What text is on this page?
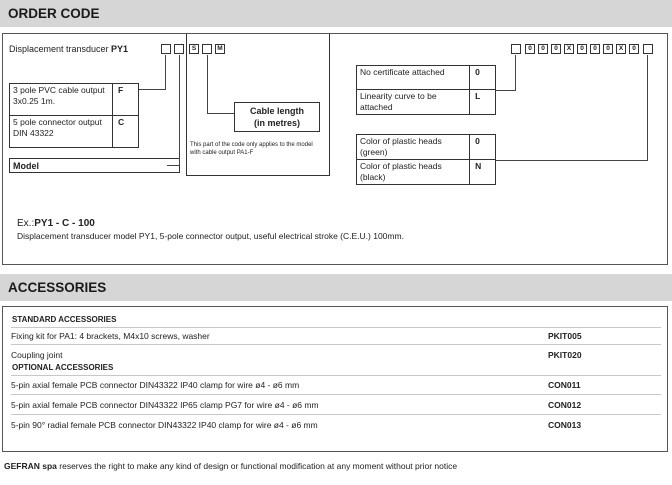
ORDER CODE
Displacement transducer PY1	S	M
3 pole PVC cable output 3x0.25 1m.	F
5 pole connector output DIN 43322	C
Model
Cable length
(in metres)
This part of the code only applies to the model with cable output PA1-F
No certificate attached	0
Linearity curve to be attached	L
Color of plastic heads (green)	0
Color of plastic heads (black)	N
0	0	0	X	0	0	0	X	0
Ex.:PY1 - C - 100
Displacement transducer model PY1, 5-pole connector output, useful electrical stroke (C.E.U.) 100mm.
ACCESSORIES
STANDARD ACCESSORIES
Fixing kit for PA1: 4 brackets, M4x10 screws, washer	PKIT005
Coupling joint	PKIT020
OPTIONAL ACCESSORIES
5-pin axial female PCB connector DIN43322 IP40 clamp for wire ø4 - ø6 mm	CON011
5-pin axial female PCB connector DIN43322 IP65 clamp PG7 for wire ø4 - ø6 mm	CON012
5-pin 90° radial female PCB connector DIN43322 IP40 clamp for wire ø4 - ø6 mm	CON013
GEFRAN spa reserves the right to make any kind of design or functional modification at any moment without prior notice
